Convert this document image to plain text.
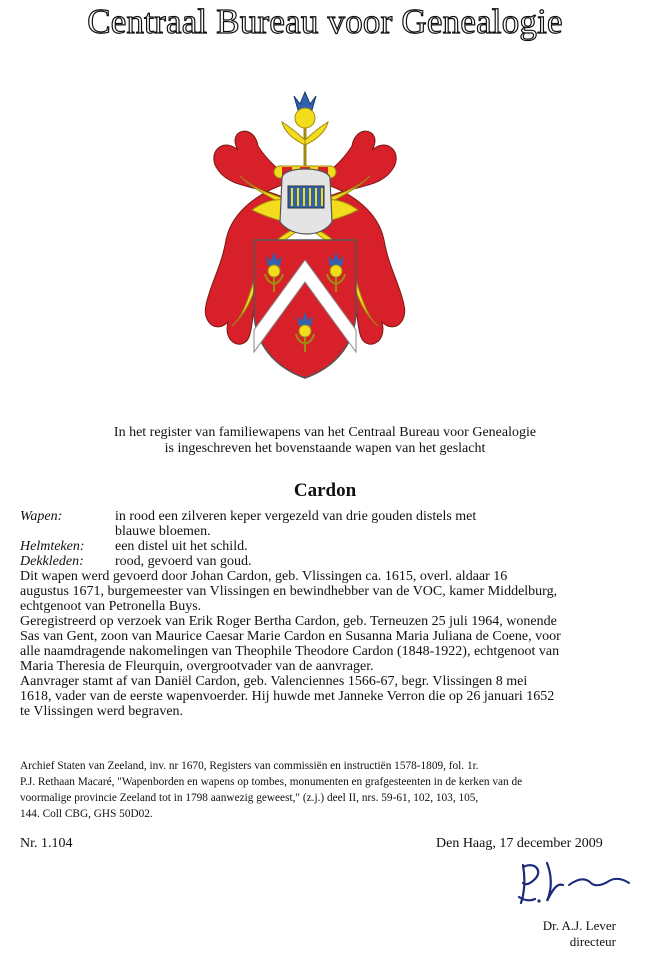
Centraal Bureau voor Genealogie
In het register van familiewapens van het Centraal Bureau voor Genealogie
is ingeschreven het bovenstaande wapen van het geslacht
Cardon
Wapen:	in rood een zilveren keper vergezeld van drie gouden distels met
blauwe bloemen.
Helmteken: een distel uit het schild.
Dekkleden: rood, gevoerd van goud.
Dit wapen werd gevoerd door Johan Cardon, geb. Vlissingen ca. 1615, overl. aldaar 16
augustus 1671, burgemeester van Vlissingen en bewindhebber van de VOC, kamer Middelburg,
echtgenoot van Petronella Buys.
Geregistreerd op verzoek van Erik Roger Bertha Cardon, geb. Terneuzen 25 juli 1964, wonende
Sas van Gent, zoon van Maurice Caesar Marie Cardon en Susanna Maria Juliana de Coene, voor
alle naamdragende nakomelingen van Theophile Theodore Cardon (1848-1922), echtgenoot van
Maria Theresia de Fleurquin, overgrootvader van de aanvrager.
Aanvrager stamt af van Daniël Cardon, geb. Valenciennes 1566-67, begr. Vlissingen 8 mei
1618, vader van de eerste wapenvoerder. Hij huwde met Janneke Verron die op 26 januari 1652
te Vlissingen werd begraven.
Archief Staten van Zeeland, inv. nr 1670, Registers van commissiën en instructiën 1578-1809, fol. 1r.
P.J. Rethaan Macaré, "Wapenborden en wapens op tombes, monumenten en grafgesteenten in de kerken van de
voormalige provincie Zeeland tot in 1798 aanwezig geweest," (z.j.) deel II, nrs. 59-61, 102, 103, 105,
144. Coll CBG, GHS 50D02.
Nr. 1.104	Den Haag, 17 december 2009
Dr. A.J. Lever
directeur
